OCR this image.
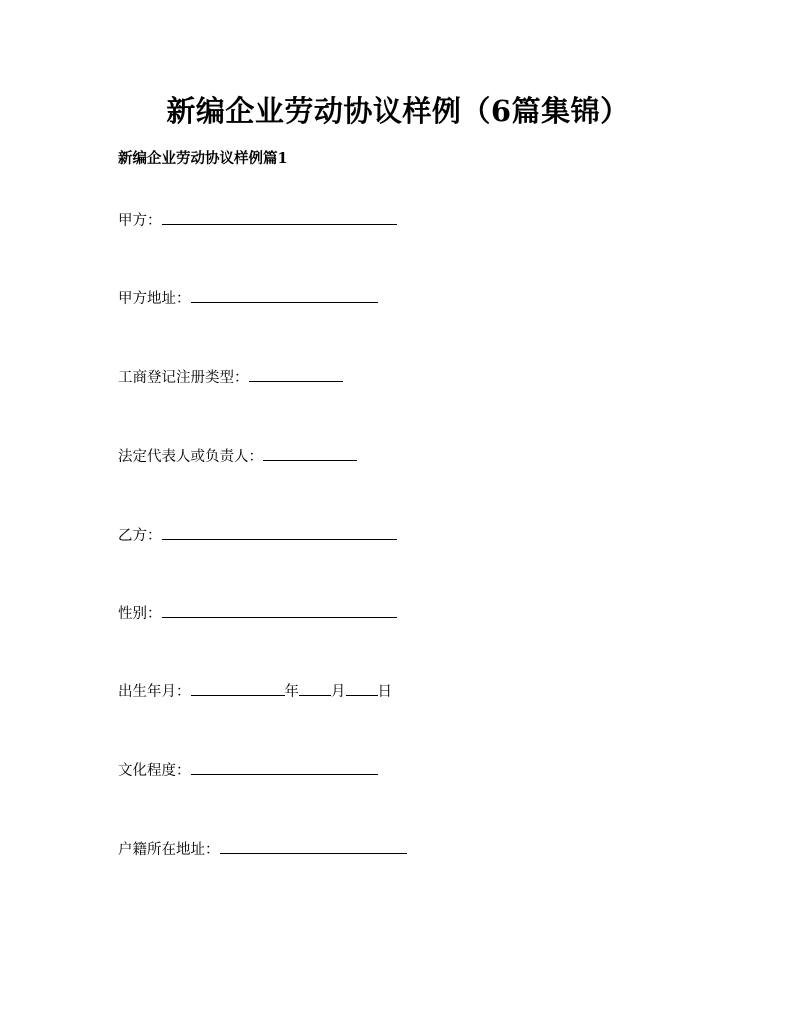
新编企业劳动协议样例（6篇集锦）
新编企业劳动协议样例篇1
甲方：
甲方地址：
工商登记注册类型：
法定代表人或负责人：
乙方：
性别：
出生年月：	年 月 日
文化程度：
户籍所在地址：
